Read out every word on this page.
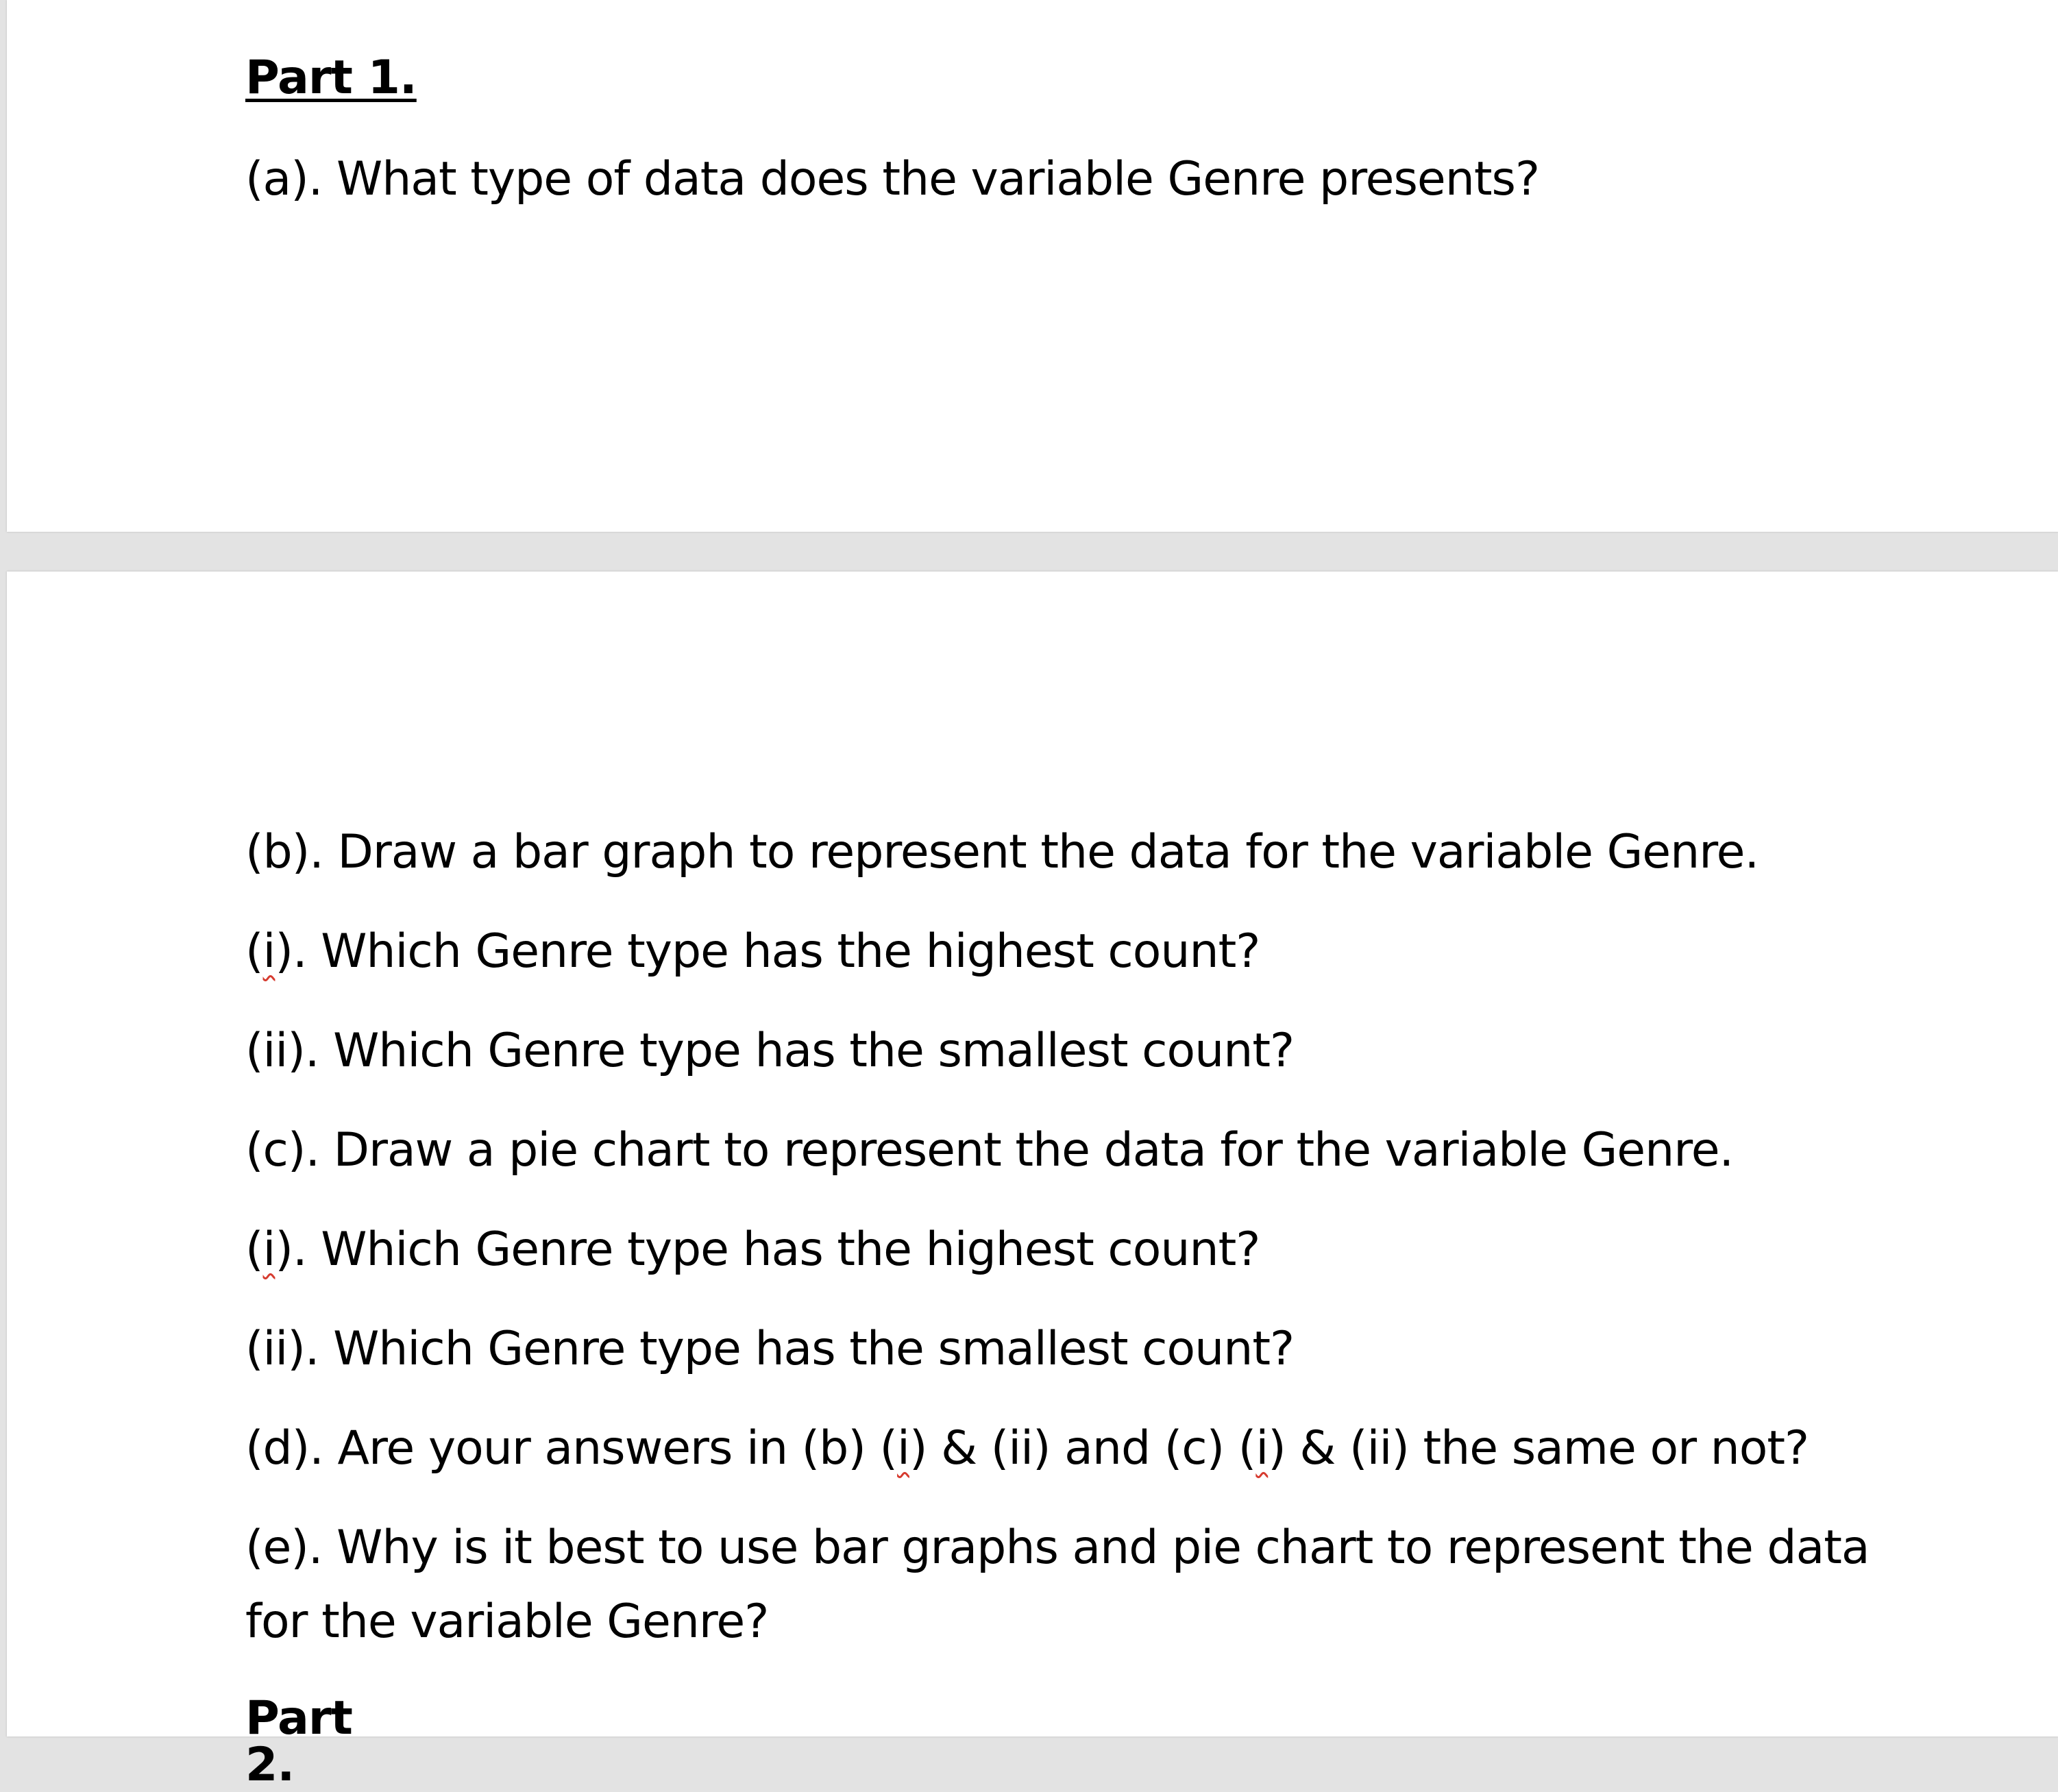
Part 1.
(a). What type of data does the variable Genre presents?
(b). Draw a bar graph to represent the data for the variable Genre.
(i). Which Genre type has the highest count?
(ii). Which Genre type has the smallest count?
(c). Draw a pie chart to represent the data for the variable Genre.
(i). Which Genre type has the highest count?
(ii). Which Genre type has the smallest count?
(d). Are your answers in (b) (i) & (ii) and (c) (i) & (ii) the same or not?
(e). Why is it best to use bar graphs and pie chart to represent the data
for the variable Genre?
Part 2.
